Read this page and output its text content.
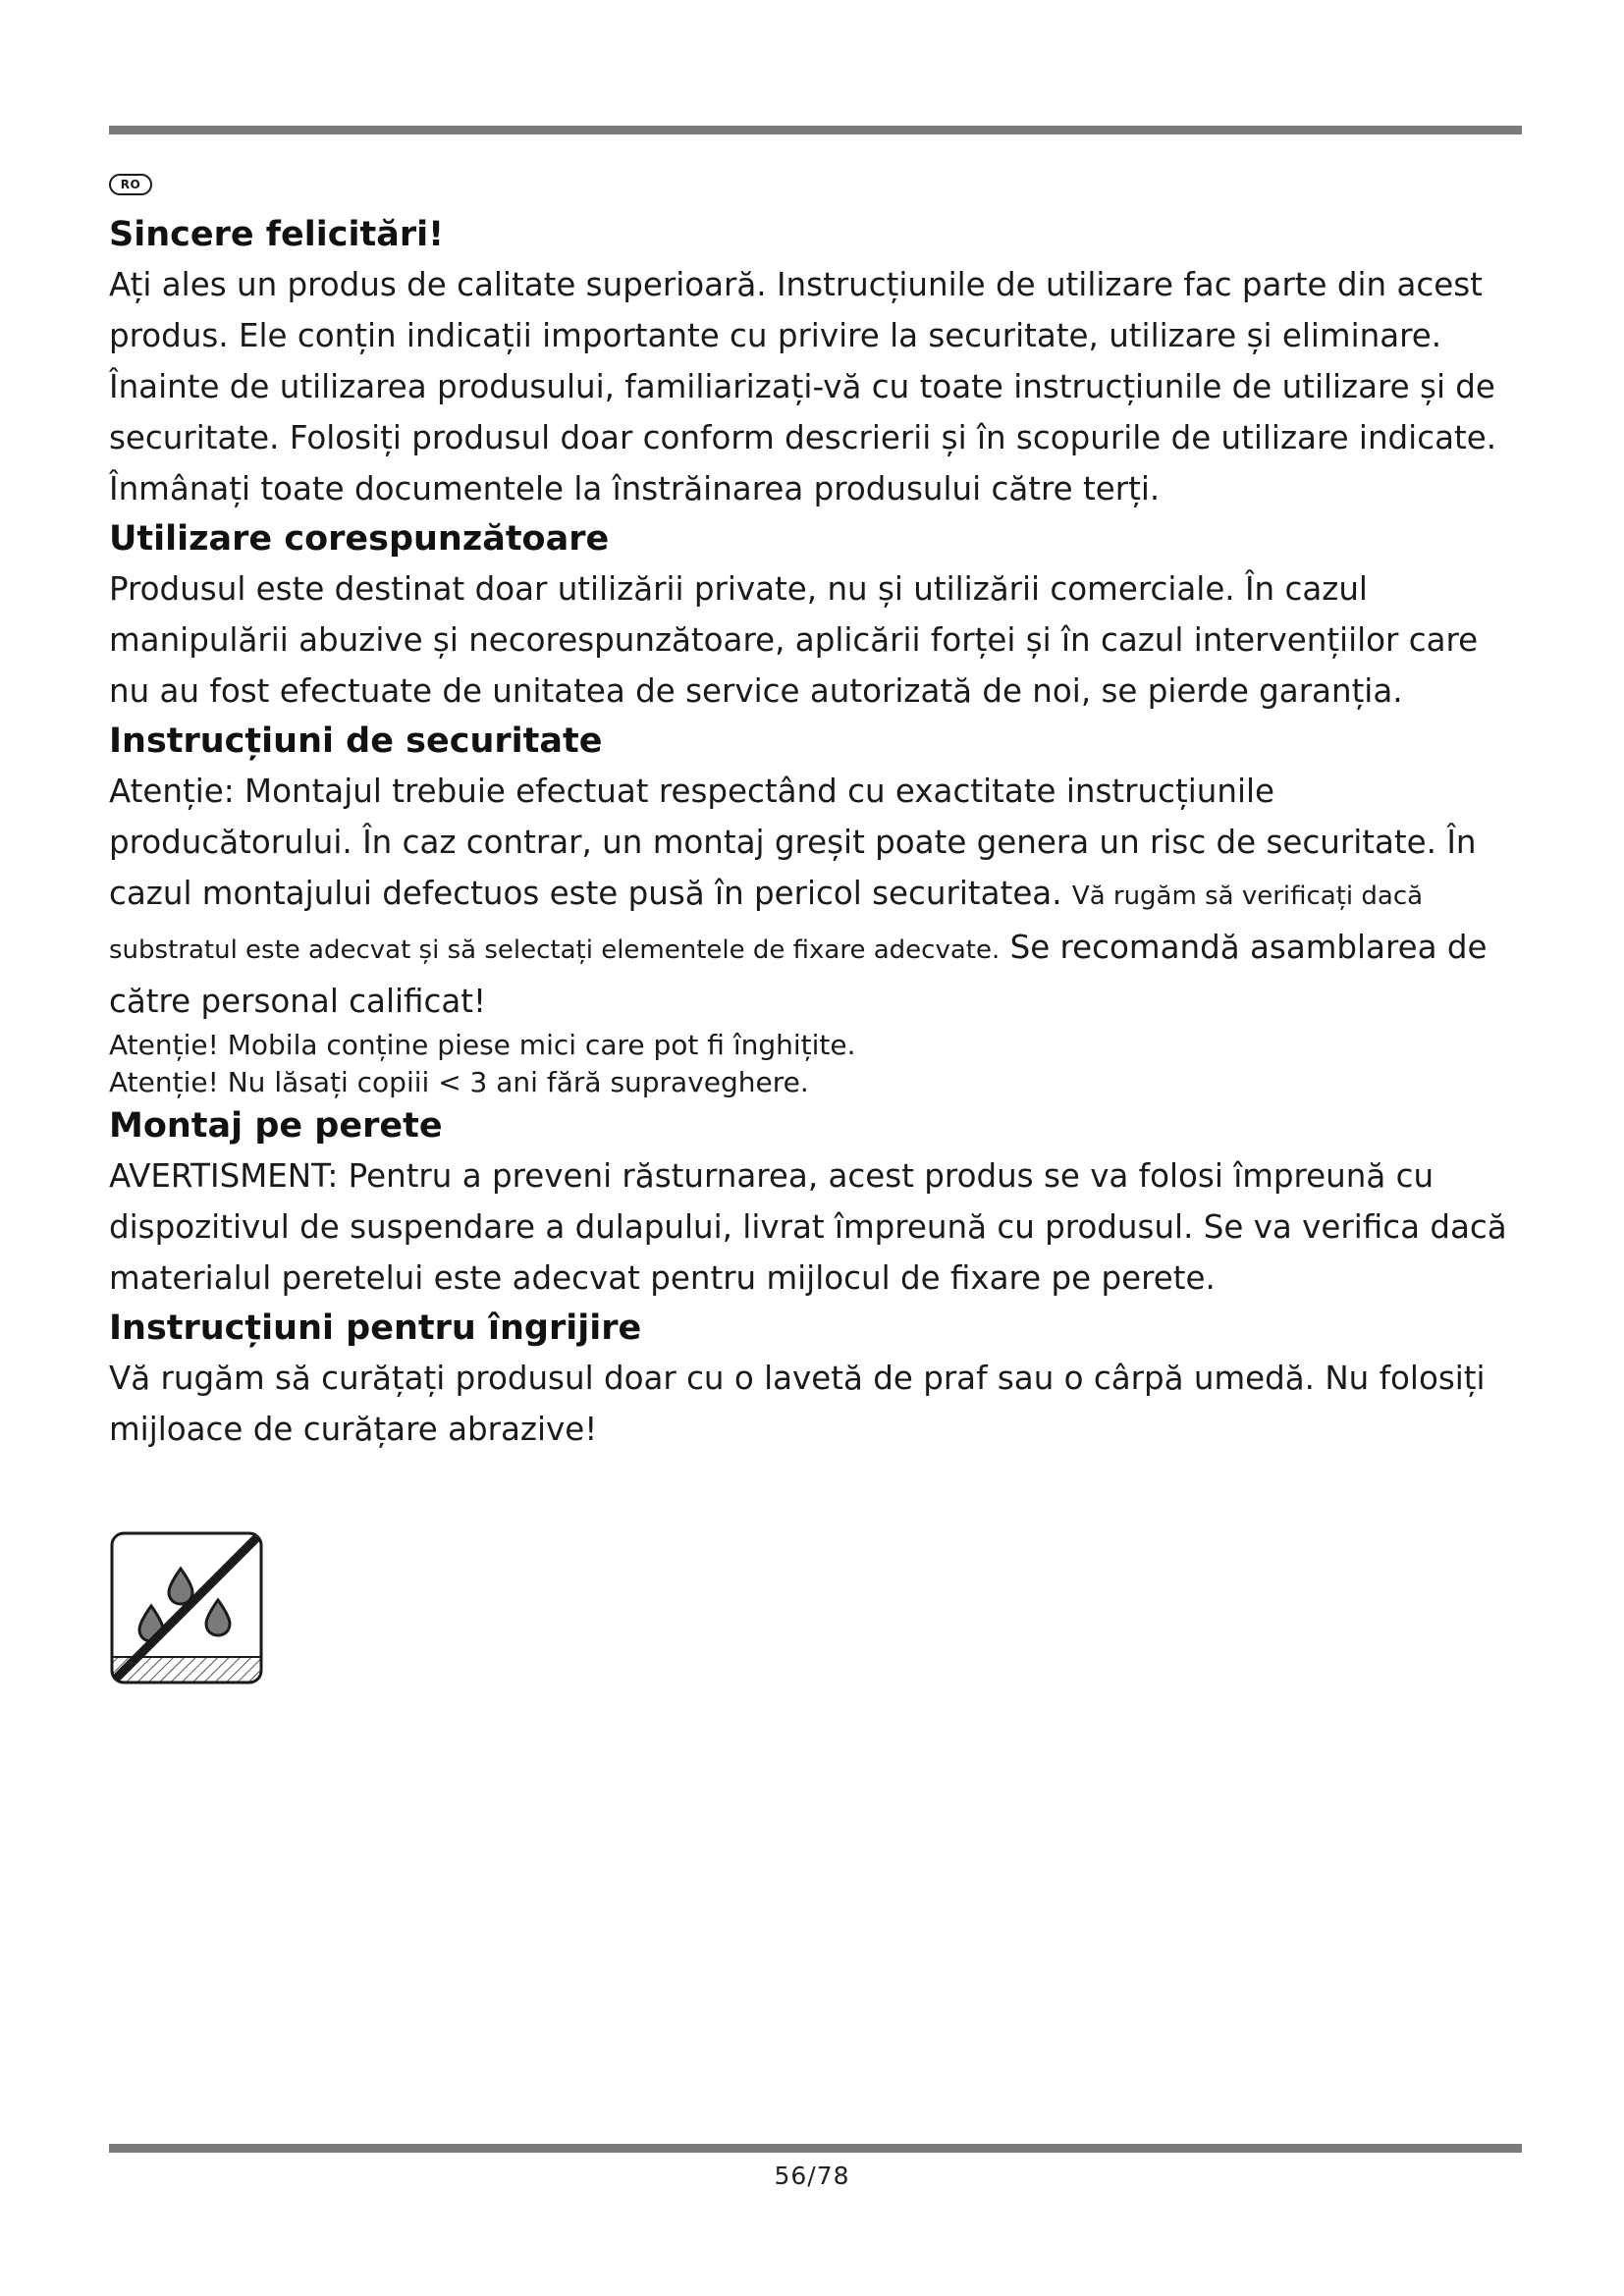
RO
Sincere felicitări!

Ați ales un produs de calitate superioară. Instrucțiunile de utilizare fac parte din acest produs. Ele conțin indicații importante cu privire la securitate, utilizare și eliminare. Înainte de utilizarea produsului, familiarizați-vă cu toate instrucțiunile de utilizare și de securitate. Folosiți produsul doar conform descrierii și în scopurile de utilizare indicate. Înmânați toate documentele la înstrăinarea produsului către terți.

Utilizare corespunzătoare

Produsul este destinat doar utilizării private, nu și utilizării comerciale. În cazul manipulării abuzive și necorespunzătoare, aplicării forței și în cazul intervențiilor care nu au fost efectuate de unitatea de service autorizată de noi, se pierde garanția.

Instrucțiuni de securitate

Atenție: Montajul trebuie efectuat respectând cu exactitate instrucțiunile producătorului. În caz contrar, un montaj greșit poate genera un risc de securitate. În cazul montajului defectuos este pusă în pericol securitatea. Vă rugăm să verificați dacă substratul este adecvat și să selectați elementele de fixare adecvate. Se recomandă asamblarea de către personal calificat!

Atenție! Mobila conține piese mici care pot fi înghițite.

Atenție! Nu lăsați copiii < 3 ani fără supraveghere.

Montaj pe perete

AVERTISMENT: Pentru a preveni răsturnarea, acest produs se va folosi împreună cu dispozitivul de suspendare a dulapului, livrat împreună cu produsul. Se va verifica dacă materialul peretelui este adecvat pentru mijlocul de fixare pe perete.

Instrucțiuni pentru îngrijire

Vă rugăm să curățați produsul doar cu o lavetă de praf sau o cârpă umedă. Nu folosiți mijloace de curățare abrazive!

56/78
